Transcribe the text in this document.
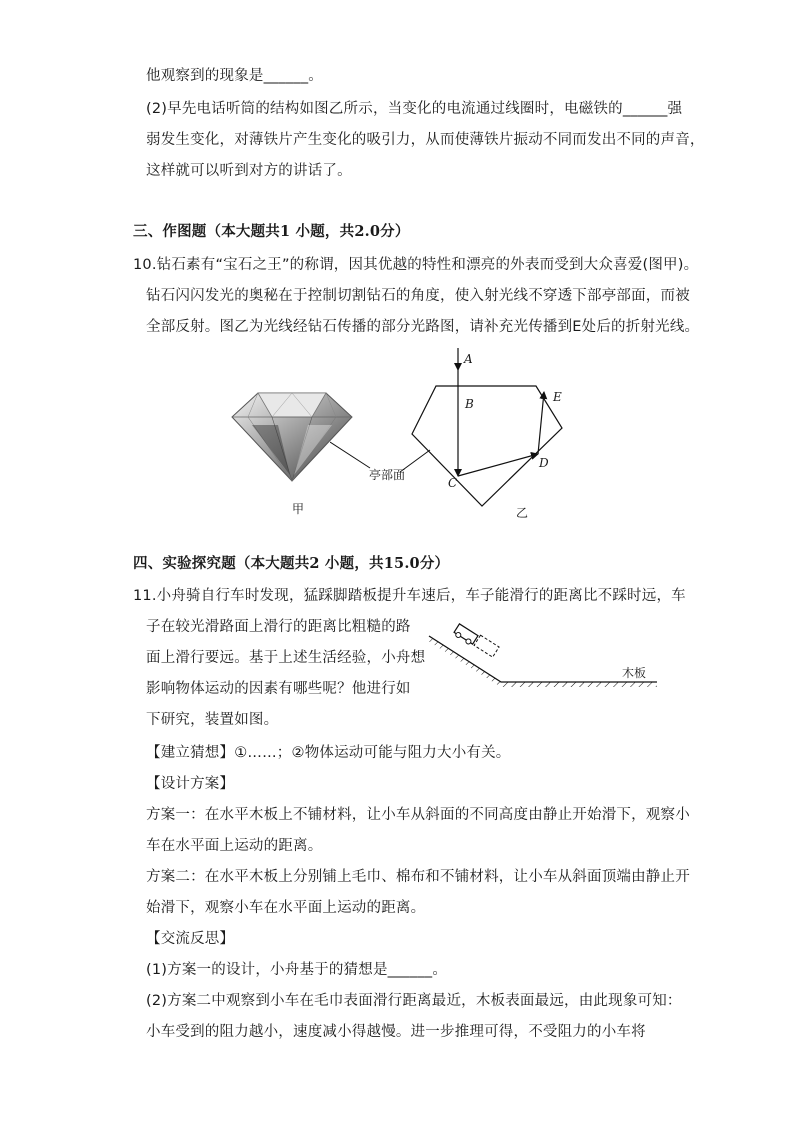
他观察到的现象是______。
(2)早先电话听筒的结构如图乙所示，当变化的电流通过线圈时，电磁铁的______强
弱发生变化，对薄铁片产生变化的吸引力，从而使薄铁片振动不同而发出不同的声音，
这样就可以听到对方的讲话了。
三、作图题（本大题共1 小题，共2.0分）
10.钻石素有“宝石之王”的称谓，因其优越的特性和漂亮的外表而受到大众喜爱(图甲)。
钻石闪闪发光的奥秘在于控制切割钻石的角度，使入射光线不穿透下部亭部面，而被
全部反射。图乙为光线经钻石传播的部分光路图，请补充光传播到E处后的折射光线。
甲
A
B
C
D
E
亭部面
乙
四、实验探究题（本大题共2 小题，共15.0分）
11.小舟骑自行车时发现，猛踩脚踏板提升车速后，车子能滑行的距离比不踩时远，车
子在较光滑路面上滑行的距离比粗糙的路
面上滑行要远。基于上述生活经验，小舟想
影响物体运动的因素有哪些呢？他进行如
下研究，装置如图。
木板
【建立猜想】①……；②物体运动可能与阻力大小有关。
【设计方案】
方案一：在水平木板上不铺材料，让小车从斜面的不同高度由静止开始滑下，观察小
车在水平面上运动的距离。
方案二：在水平木板上分别铺上毛巾、棉布和不铺材料，让小车从斜面顶端由静止开
始滑下，观察小车在水平面上运动的距离。
【交流反思】
(1)方案一的设计，小舟基于的猜想是______。
(2)方案二中观察到小车在毛巾表面滑行距离最近，木板表面最远，由此现象可知：
小车受到的阻力越小，速度减小得越慢。进一步推理可得，不受阻力的小车将
